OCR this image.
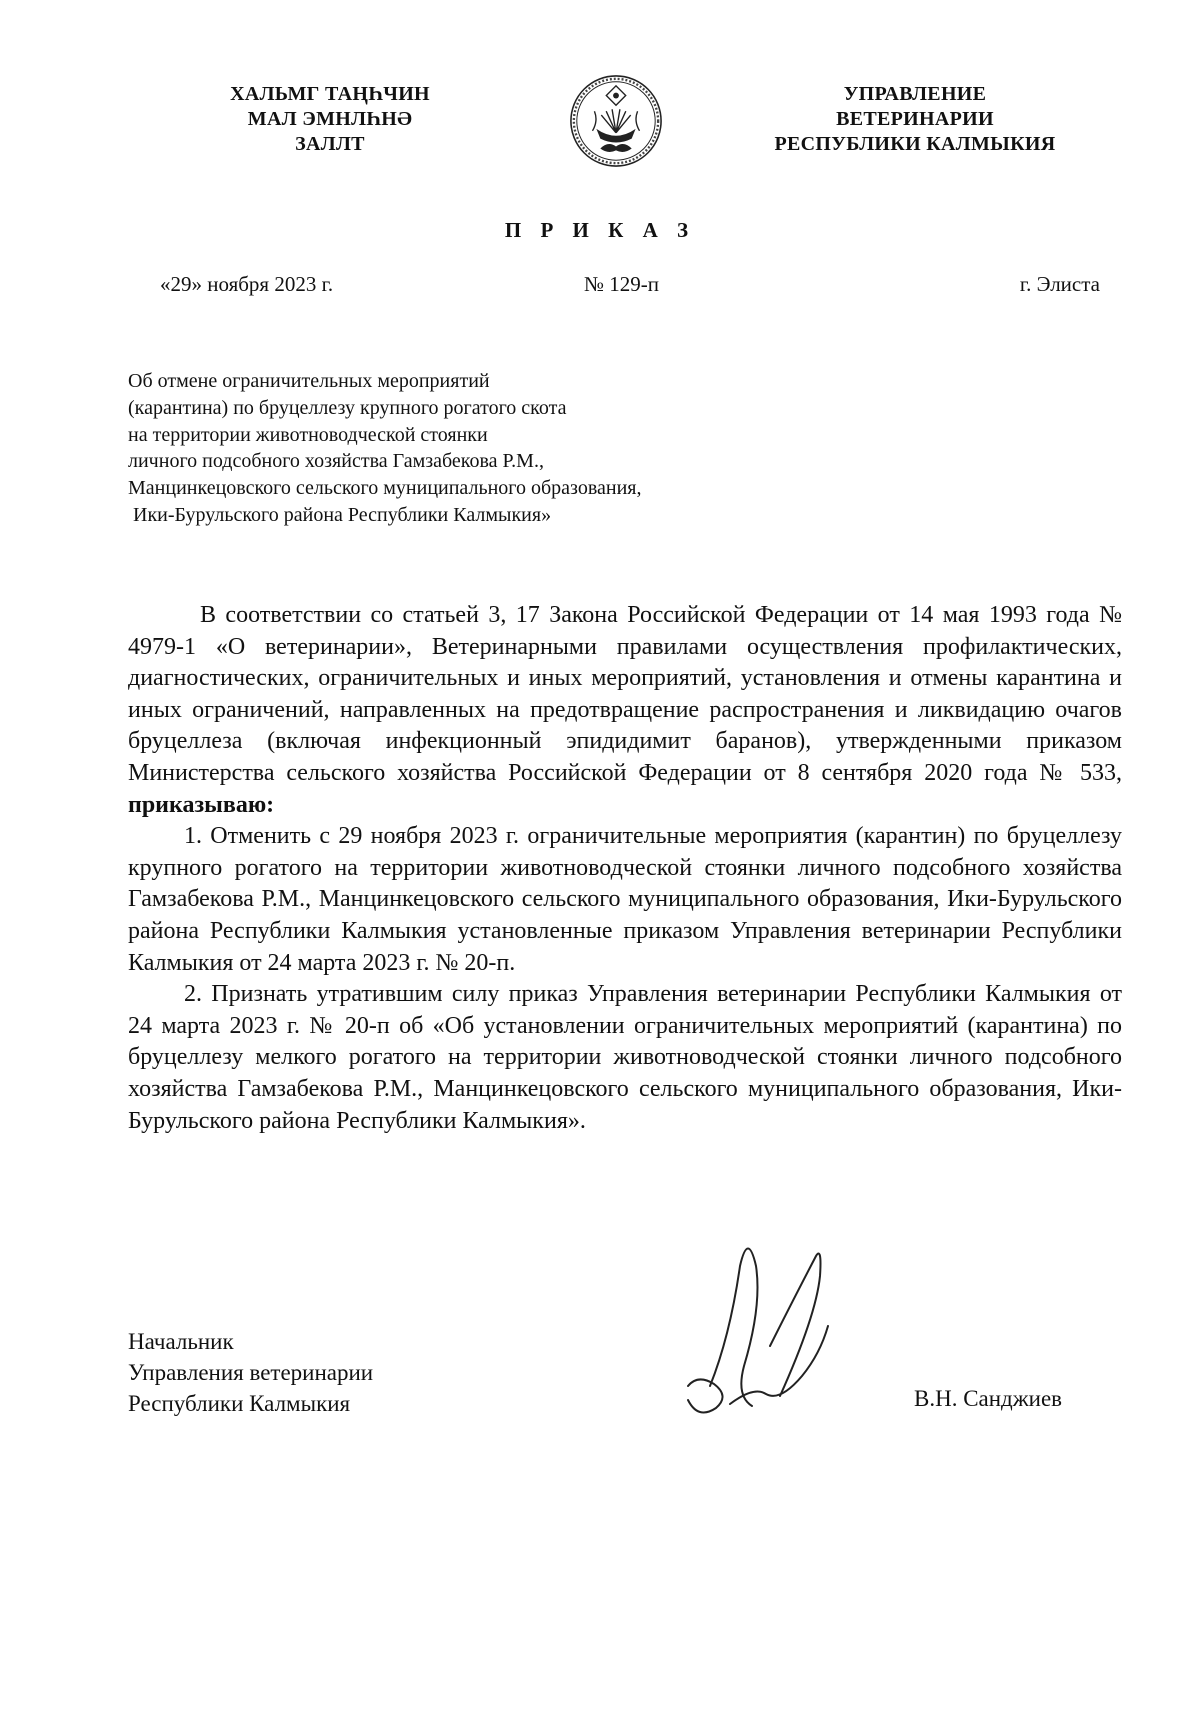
ХАЛЬМГ ТАҢҺЧИН
МАЛ ЭМНЛҺНӘ
ЗАЛЛТ
УПРАВЛЕНИЕ
ВЕТЕРИНАРИИ
РЕСПУБЛИКИ КАЛМЫКИЯ
П Р И К А З
«29» ноября 2023 г.	№ 129-п	г. Элиста
Об отмене ограничительных мероприятий
(карантина) по бруцеллезу крупного рогатого скота
на территории животноводческой стоянки
личного подсобного хозяйства Гамзабекова Р.М.,
Манцинкецовского сельского муниципального образования,
Ики-Бурульского района Республики Калмыкия»

В соответствии со статьей 3, 17 Закона Российской Федерации от 14 мая 1993 года № 4979-1 «О ветеринарии», Ветеринарными правилами осуществления профилактических, диагностических, ограничительных и иных мероприятий, установления и отмены карантина и иных ограничений, направленных на предотвращение распространения и ликвидацию очагов бруцеллеза (включая инфекционный эпидидимит баранов), утвержденными приказом Министерства сельского хозяйства Российской Федерации от 8 сентября 2020 года № 533, приказываю:

1. Отменить с 29 ноября 2023 г. ограничительные мероприятия (карантин) по бруцеллезу крупного рогатого на территории животноводческой стоянки личного подсобного хозяйства Гамзабекова Р.М., Манцинкецовского сельского муниципального образования, Ики-Бурульского района Республики Калмыкия установленные приказом Управления ветеринарии Республики Калмыкия от 24 марта 2023 г. № 20-п.

2. Признать утратившим силу приказ Управления ветеринарии Республики Калмыкия от 24 марта 2023 г. № 20-п об «Об установлении ограничительных мероприятий (карантина) по бруцеллезу мелкого рогатого на территории животноводческой стоянки личного подсобного хозяйства Гамзабекова Р.М., Манцинкецовского сельского муниципального образования, Ики-Бурульского района Республики Калмыкия».

Начальник
Управления ветеринарии
Республики Калмыкия	В.Н. Санджиев
